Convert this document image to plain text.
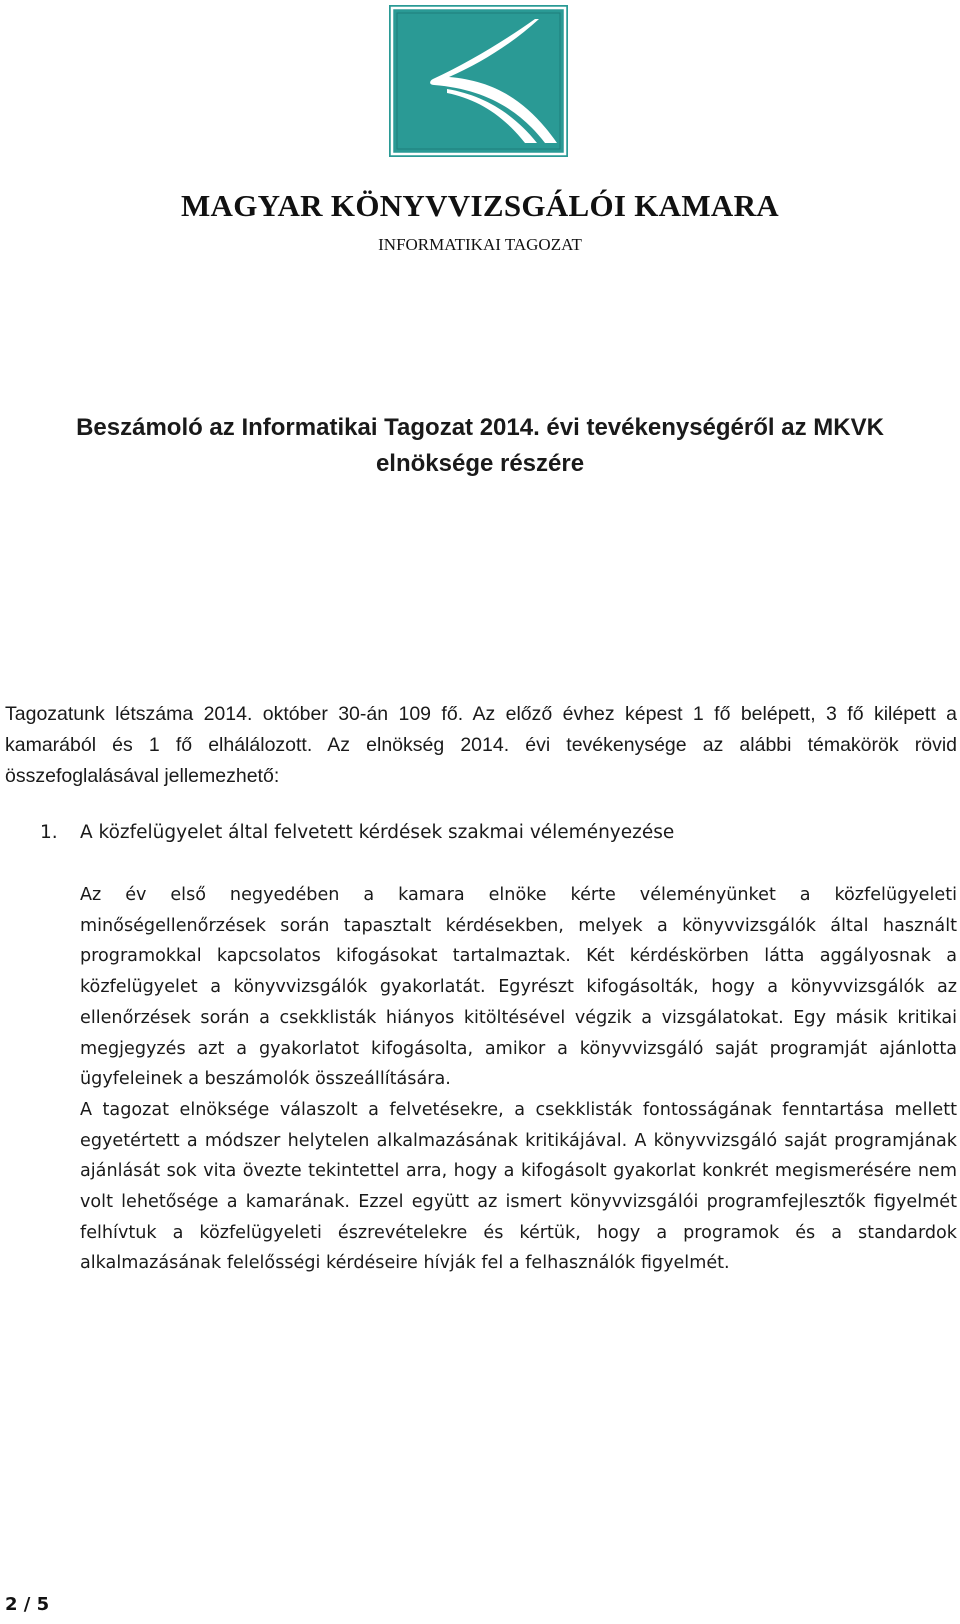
MAGYAR KÖNYVVIZSGÁLÓI KAMARA
INFORMATIKAI TAGOZAT
Beszámoló az Informatikai Tagozat 2014. évi tevékenységéről az MKVK
elnöksége részére

Tagozatunk létszáma 2014. október 30-án 109 fő. Az előző évhez képest 1 fő belépett, 3 fő kilépett a kamarából és 1 fő elhálálozott. Az elnökség 2014. évi tevékenysége az alábbi témakörök rövid összefoglalásával jellemezhető:

1. A közfelügyelet által felvetett kérdések szakmai véleményezése

Az év első negyedében a kamara elnöke kérte véleményünket a közfelügyeleti minőségellenőrzések során tapasztalt kérdésekben, melyek a könyvvizsgálók által használt programokkal kapcsolatos kifogásokat tartalmaztak. Két kérdéskörben látta aggályosnak a közfelügyelet a könyvvizsgálók gyakorlatát. Egyrészt kifogásolták, hogy a könyvvizsgálók az ellenőrzések során a csekklisták hiányos kitöltésével végzik a vizsgálatokat. Egy másik kritikai megjegyzés azt a gyakorlatot kifogásolta, amikor a könyvvizsgáló saját programját ajánlotta ügyfeleinek a beszámolók összeállítására.

A tagozat elnöksége válaszolt a felvetésekre, a csekklisták fontosságának fenntartása mellett egyetértett a módszer helytelen alkalmazásának kritikájával. A könyvvizsgáló saját programjának ajánlását sok vita övezte tekintettel arra, hogy a kifogásolt gyakorlat konkrét megismerésére nem volt lehetősége a kamarának. Ezzel együtt az ismert könyvvizsgálói programfejlesztők figyelmét felhívtuk a közfelügyeleti észrevételekre és kértük, hogy a programok és a standardok alkalmazásának felelősségi kérdéseire hívják fel a felhasználók figyelmét.

2 / 5
